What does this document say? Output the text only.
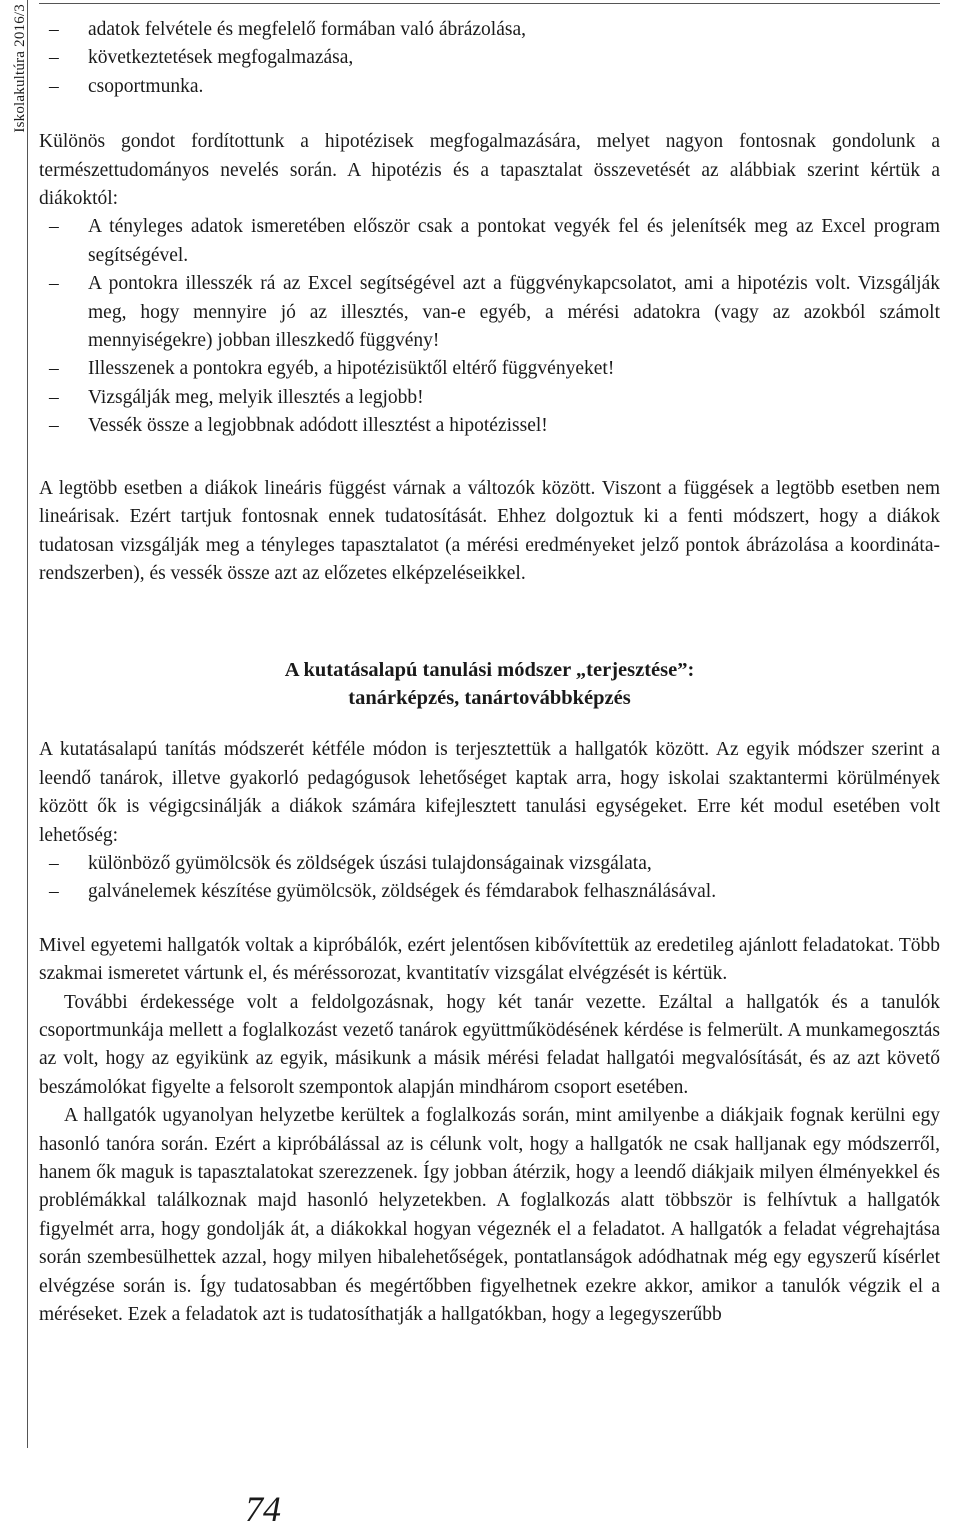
Iskolakultúra 2016/3
–	adatok felvétele és megfelelő formában való ábrázolása,
– következtetések megfogalmazása,
– csoportmunka.

Különös gondot fordítottunk a hipotézisek megfogalmazására, melyet nagyon fontosnak gondolunk a természettudományos nevelés során. A hipotézis és a tapasztalat összevetését az alábbiak szerint kértük a diákoktól:

– A tényleges adatok ismeretében először csak a pontokat vegyék fel és jelenítsék meg az Excel program segítségével.
– A pontokra illesszék rá az Excel segítségével azt a függvénykapcsolatot, ami a hipotézis volt. Vizsgálják meg, hogy mennyire jó az illesztés, van-e egyéb, a mérési adatokra (vagy az azokból számolt mennyiségekre) jobban illeszkedő függvény!
– Illesszenek a pontokra egyéb, a hipotézisüktől eltérő függvényeket!
– Vizsgálják meg, melyik illesztés a legjobb!
– Vessék össze a legjobbnak adódott illesztést a hipotézissel!

A legtöbb esetben a diákok lineáris függést várnak a változók között. Viszont a függések a legtöbb esetben nem lineárisak. Ezért tartjuk fontosnak ennek tudatosítását. Ehhez dolgoztuk ki a fenti módszert, hogy a diákok tudatosan vizsgálják meg a tényleges tapasztalatot (a mérési eredményeket jelző pontok ábrázolása a koordináta-rendszerben), és vessék össze azt az előzetes elképzeléseikkel.

A kutatásalapú tanulási módszer „terjesztése”:
tanárképzés, tanártovábbképzés

A kutatásalapú tanítás módszerét kétféle módon is terjesztettük a hallgatók között. Az egyik módszer szerint a leendő tanárok, illetve gyakorló pedagógusok lehetőséget kaptak arra, hogy iskolai szaktantermi körülmények között ők is végigcsinálják a diákok számára kifejlesztett tanulási egységeket. Erre két modul esetében volt lehetőség:

– különböző gyümölcsök és zöldségek úszási tulajdonságainak vizsgálata,
– galvánelemek készítése gyümölcsök, zöldségek és fémdarabok felhasználásával.

Mivel egyetemi hallgatók voltak a kipróbálók, ezért jelentősen kibővítettük az eredetileg ajánlott feladatokat. Több szakmai ismeretet vártunk el, és méréssorozat, kvantitatív vizsgálat elvégzését is kértük.

További érdekessége volt a feldolgozásnak, hogy két tanár vezette. Ezáltal a hallgatók és a tanulók csoportmunkája mellett a foglalkozást vezető tanárok együttműködésének kérdése is felmerült. A munkamegosztás az volt, hogy az egyikünk az egyik, másikunk a másik mérési feladat hallgatói megvalósítását, és az azt követő beszámolókat figyelte a felsorolt szempontok alapján mindhárom csoport esetében.

A hallgatók ugyanolyan helyzetbe kerültek a foglalkozás során, mint amilyenbe a diákjaik fognak kerülni egy hasonló tanóra során. Ezért a kipróbálással az is célunk volt, hogy a hallgatók ne csak halljanak egy módszerről, hanem ők maguk is tapasztalatokat szerezzenek. Így jobban átérzik, hogy a leendő diákjaik milyen élményekkel és problémákkal találkoznak majd hasonló helyzetekben. A foglalkozás alatt többször is felhívtuk a hallgatók figyelmét arra, hogy gondolják át, a diákokkal hogyan végeznék el a feladatot. A hallgatók a feladat végrehajtása során szembesülhettek azzal, hogy milyen hibalehetőségek, pontatlanságok adódhatnak még egy egyszerű kísérlet elvégzése során is. Így tudatosabban és megértőbben figyelhetnek ezekre akkor, amikor a tanulók végzik el a méréseket. Ezek a feladatok azt is tudatosíthatják a hallgatókban, hogy a legegyszerűbb

74
